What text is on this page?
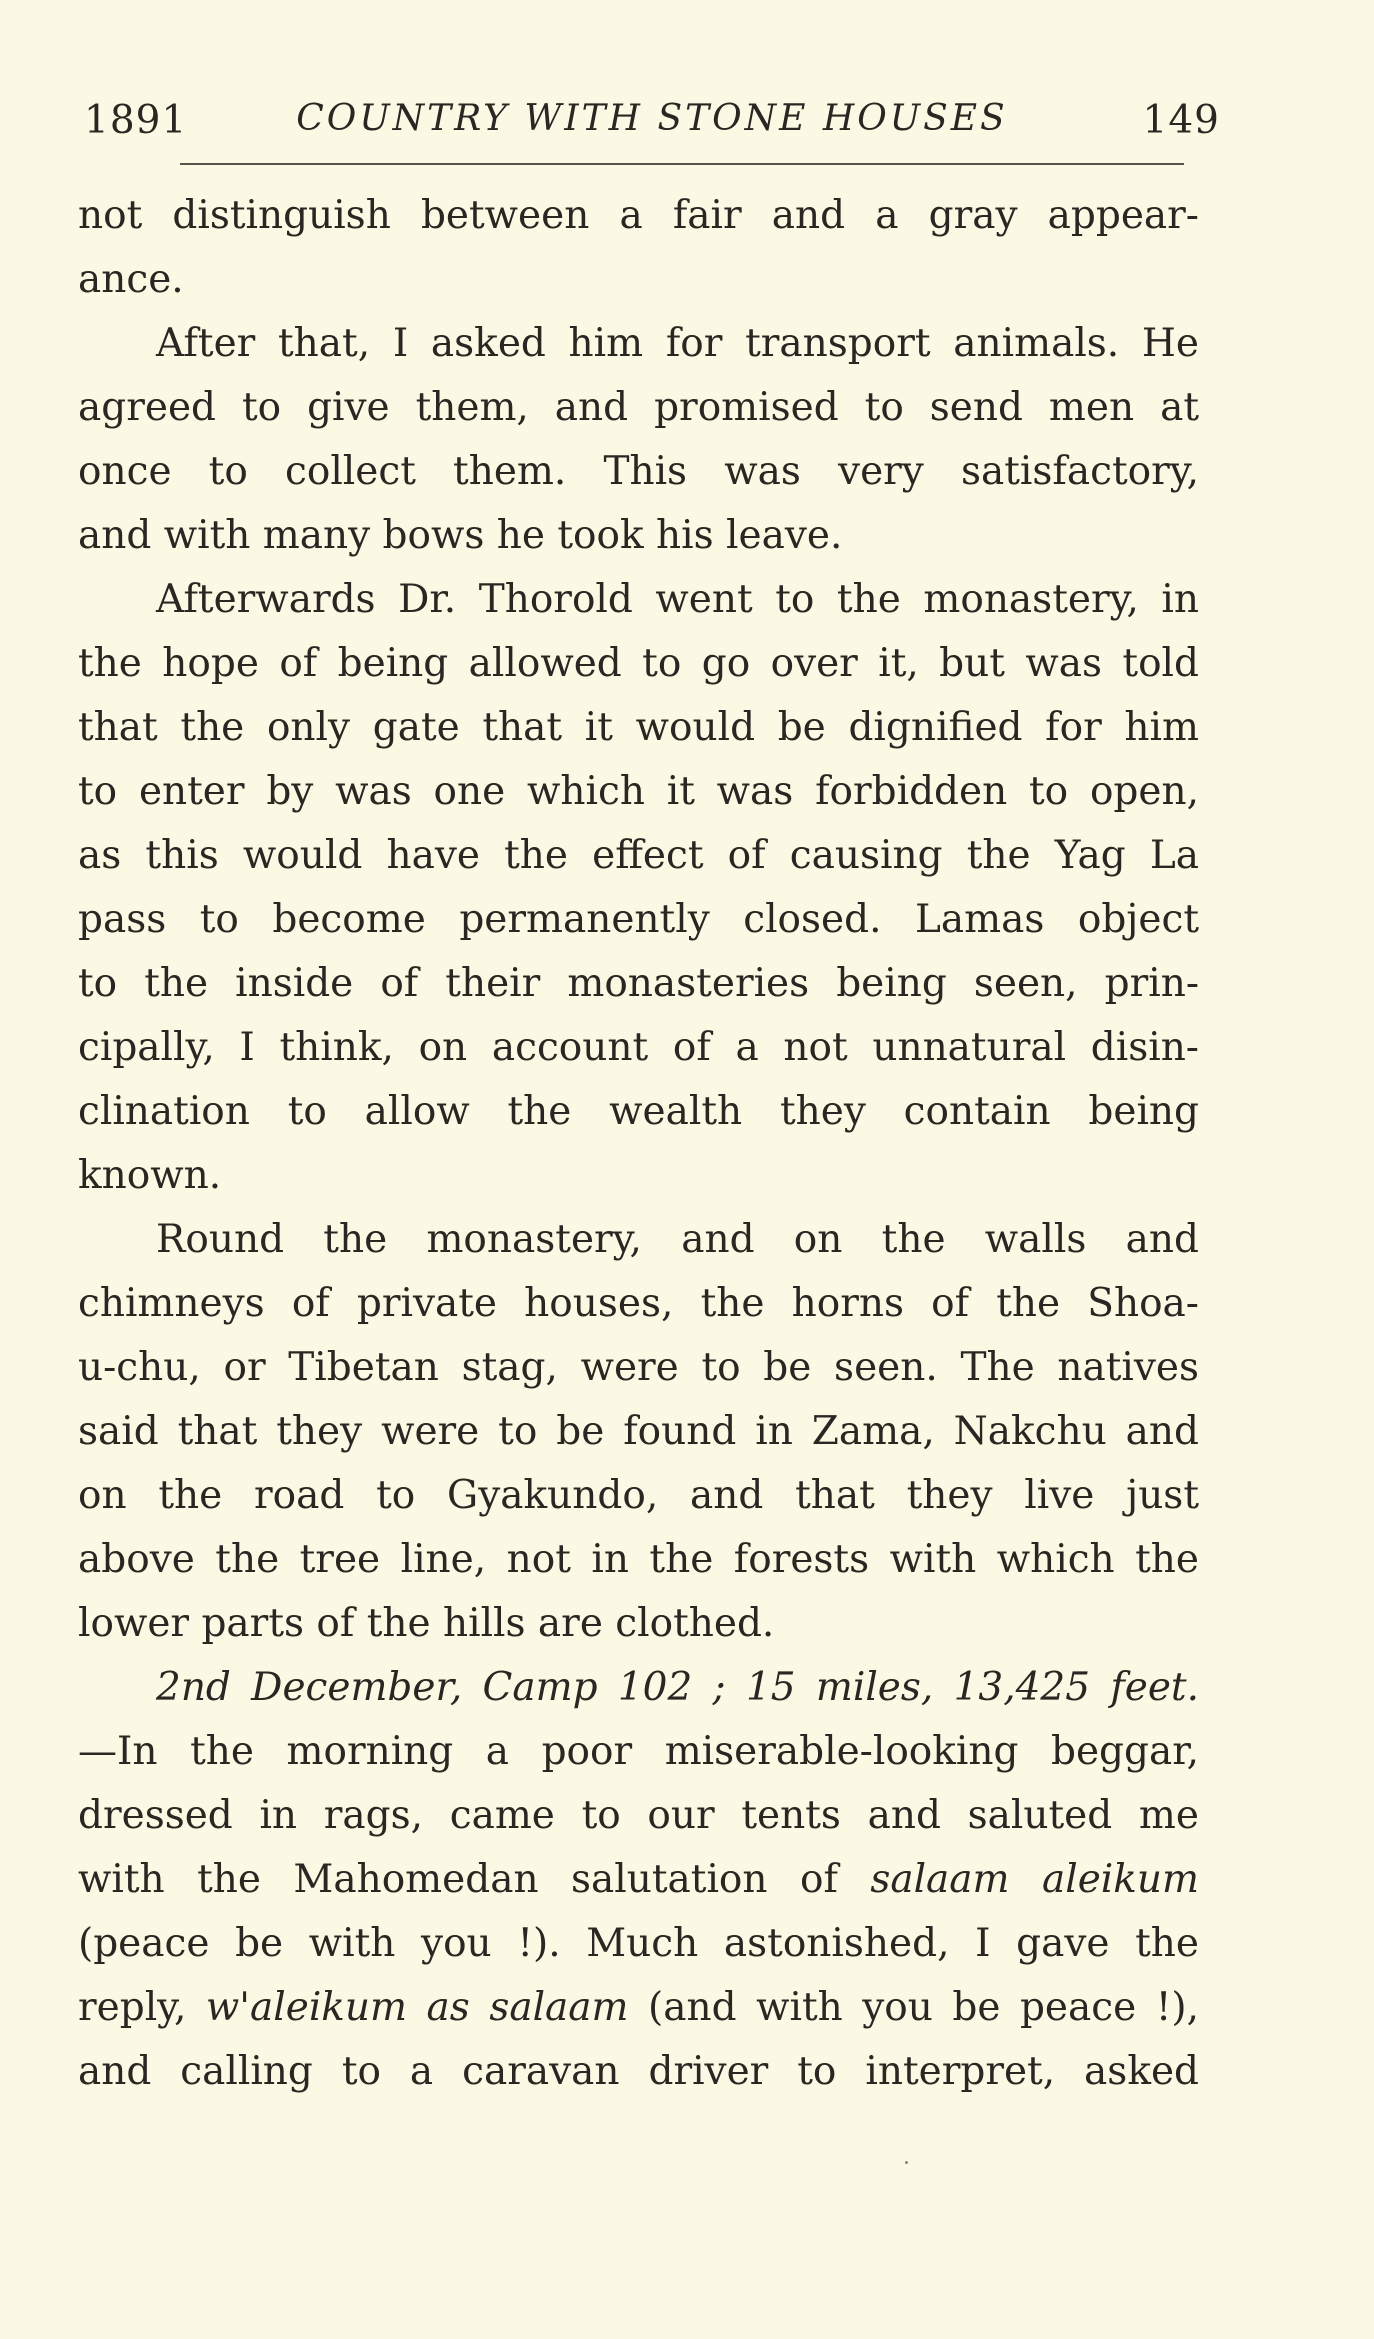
1891	COUNTRY WITH STONE HOUSES	149
not distinguish between a fair and a gray appear-
ance.
After that, I asked him for transport animals. He
agreed to give them, and promised to send men at
once to collect them. This was very satisfactory,
and with many bows he took his leave.
Afterwards Dr. Thorold went to the monastery, in
the hope of being allowed to go over it, but was told
that the only gate that it would be dignified for him
to enter by was one which it was forbidden to open,
as this would have the effect of causing the Yag La
pass to become permanently closed. Lamas object
to the inside of their monasteries being seen, prin-
cipally, I think, on account of a not unnatural disin-
clination to allow the wealth they contain being
known.
Round the monastery, and on the walls and
chimneys of private houses, the horns of the Shoa-
u-chu, or Tibetan stag, were to be seen. The natives
said that they were to be found in Zama, Nakchu and
on the road to Gyakundo, and that they live just
above the tree line, not in the forests with which the
lower parts of the hills are clothed.
2nd December, Camp 102 ; 15 miles, 13,425 feet.
—In the morning a poor miserable-looking beggar,
dressed in rags, came to our tents and saluted me
with the Mahomedan salutation of salaam aleikum
(peace be with you !). Much astonished, I gave the
reply, w'aleikum as salaam (and with you be peace !),
and calling to a caravan driver to interpret, asked
